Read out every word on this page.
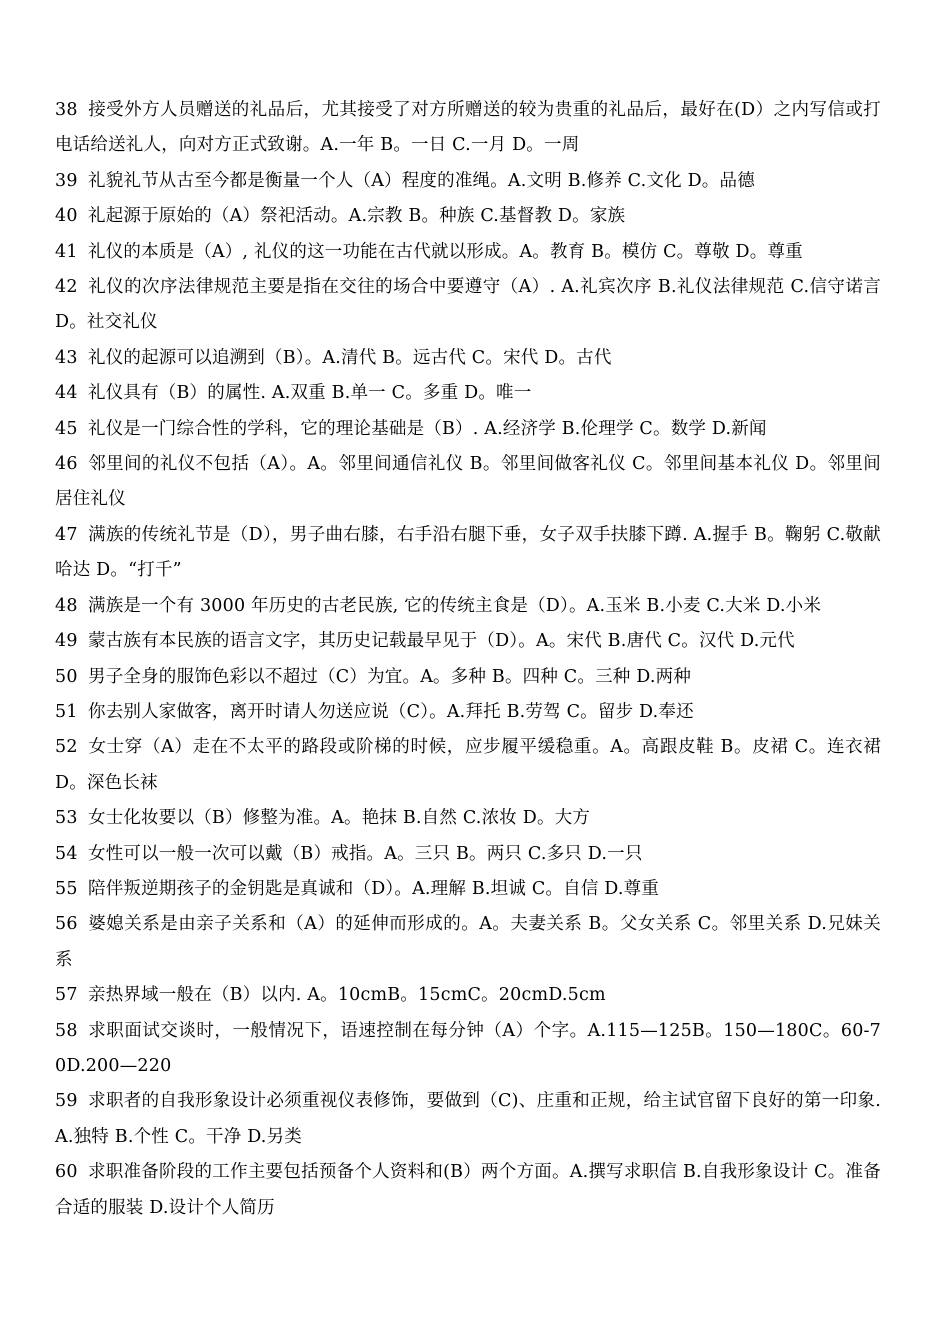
38 接受外方人员赠送的礼品后，尤其接受了对方所赠送的较为贵重的礼品后，最好在(D）之内写信或打电话给送礼人，向对方正式致谢。A.一年 B。一日 C.一月 D。一周

39 礼貌礼节从古至今都是衡量一个人（A）程度的准绳。A.文明 B.修养 C.文化 D。品德

40 礼起源于原始的（A）祭祀活动。A.宗教 B。种族 C.基督教 D。家族

41 礼仪的本质是（A）, 礼仪的这一功能在古代就以形成。A。教育 B。模仿 C。尊敬 D。尊重

42 礼仪的次序法律规范主要是指在交往的场合中要遵守（A）. A.礼宾次序 B.礼仪法律规范 C.信守诺言 D。社交礼仪

43 礼仪的起源可以追溯到（B）。A.清代 B。远古代 C。宋代 D。古代

44 礼仪具有（B）的属性. A.双重 B.单一 C。多重 D。唯一

45 礼仪是一门综合性的学科，它的理论基础是（B）. A.经济学 B.伦理学 C。数学 D.新闻

46 邻里间的礼仪不包括（A）。A。邻里间通信礼仪 B。邻里间做客礼仪 C。邻里间基本礼仪 D。邻里间居住礼仪

47 满族的传统礼节是（D），男子曲右膝，右手沿右腿下垂，女子双手扶膝下蹲. A.握手 B。鞠躬 C.敬献哈达 D。“打千”

48 满族是一个有 3000 年历史的古老民族, 它的传统主食是（D）。A.玉米 B.小麦 C.大米 D.小米

49 蒙古族有本民族的语言文字，其历史记载最早见于（D）。A。宋代 B.唐代 C。汉代 D.元代

50 男子全身的服饰色彩以不超过（C）为宜。A。多种 B。四种 C。三种 D.两种

51 你去别人家做客，离开时请人勿送应说（C）。A.拜托 B.劳驾 C。留步 D.奉还

52 女士穿（A）走在不太平的路段或阶梯的时候，应步履平缓稳重。A。高跟皮鞋 B。皮裙 C。连衣裙 D。深色长袜

53 女士化妆要以（B）修整为准。A。艳抹 B.自然 C.浓妆 D。大方

54 女性可以一般一次可以戴（B）戒指。A。三只 B。两只 C.多只 D.一只

55 陪伴叛逆期孩子的金钥匙是真诚和（D）。A.理解 B.坦诚 C。自信 D.尊重

56 婆媳关系是由亲子关系和（A）的延伸而形成的。A。夫妻关系 B。父女关系 C。邻里关系 D.兄妹关系

57 亲热界域一般在（B）以内. A。10cmB。15cmC。20cmD.5cm

58 求职面试交谈时，一般情况下，语速控制在每分钟（A）个字。A.115—125B。150—180C。60-70D.200—220

59 求职者的自我形象设计必须重视仪表修饰，要做到（C)、庄重和正规，给主试官留下良好的第一印象. A.独特 B.个性 C。干净 D.另类

60 求职准备阶段的工作主要包括预备个人资料和(B）两个方面。A.撰写求职信 B.自我形象设计 C。准备合适的服装 D.设计个人简历
